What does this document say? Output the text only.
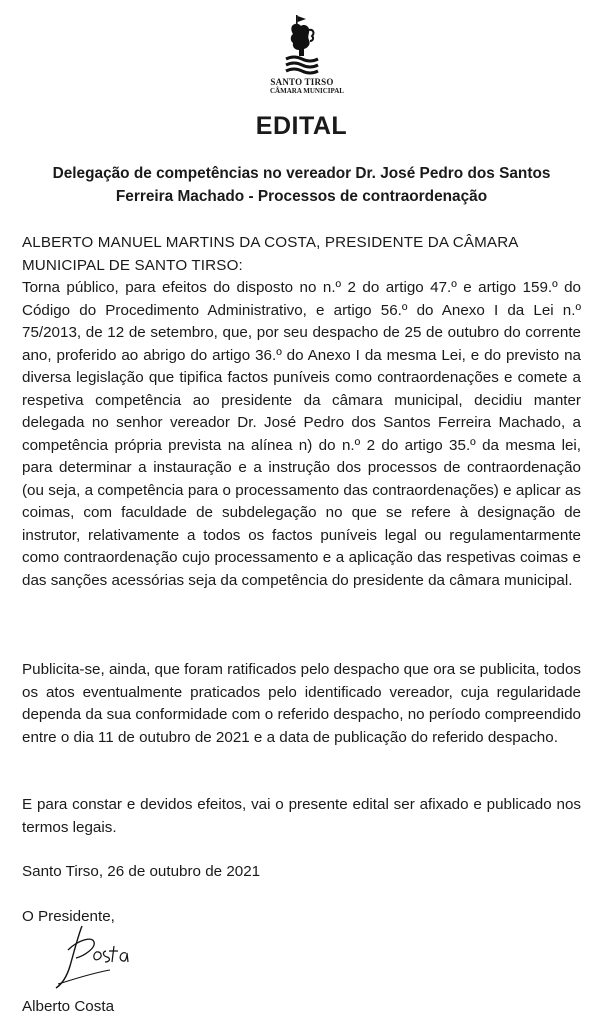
SANTO TIRSO
CÂMARA MUNICIPAL
EDITAL
Delegação de competências no vereador Dr. José Pedro dos Santos Ferreira Machado - Processos de contraordenação

ALBERTO MANUEL MARTINS DA COSTA, PRESIDENTE DA CÂMARA MUNICIPAL DE SANTO TIRSO:

Torna público, para efeitos do disposto no n.º 2 do artigo 47.º e artigo 159.º do Código do Procedimento Administrativo, e artigo 56.º do Anexo I da Lei n.º 75/2013, de 12 de setembro, que, por seu despacho de 25 de outubro do corrente ano, proferido ao abrigo do artigo 36.º do Anexo I da mesma Lei, e do previsto na diversa legislação que tipifica factos puníveis como contraordenações e comete a respetiva competência ao presidente da câmara municipal, decidiu manter delegada no senhor vereador Dr. José Pedro dos Santos Ferreira Machado, a competência própria prevista na alínea n) do n.º 2 do artigo 35.º da mesma lei, para determinar a instauração e a instrução dos processos de contraordenação (ou seja, a competência para o processamento das contraordenações) e aplicar as coimas, com faculdade de subdelegação no que se refere à designação de instrutor, relativamente a todos os factos puníveis legal ou regulamentarmente como contraordenação cujo processamento e a aplicação das respetivas coimas e das sanções acessórias seja da competência do presidente da câmara municipal.

Publicita-se, ainda, que foram ratificados pelo despacho que ora se publicita, todos os atos eventualmente praticados pelo identificado vereador, cuja regularidade dependa da sua conformidade com o referido despacho, no período compreendido entre o dia 11 de outubro de 2021 e a data de publicação do referido despacho.

E para constar e devidos efeitos, vai o presente edital ser afixado e publicado nos termos legais.

Santo Tirso, 26 de outubro de 2021

O Presidente,

Alberto Costa
